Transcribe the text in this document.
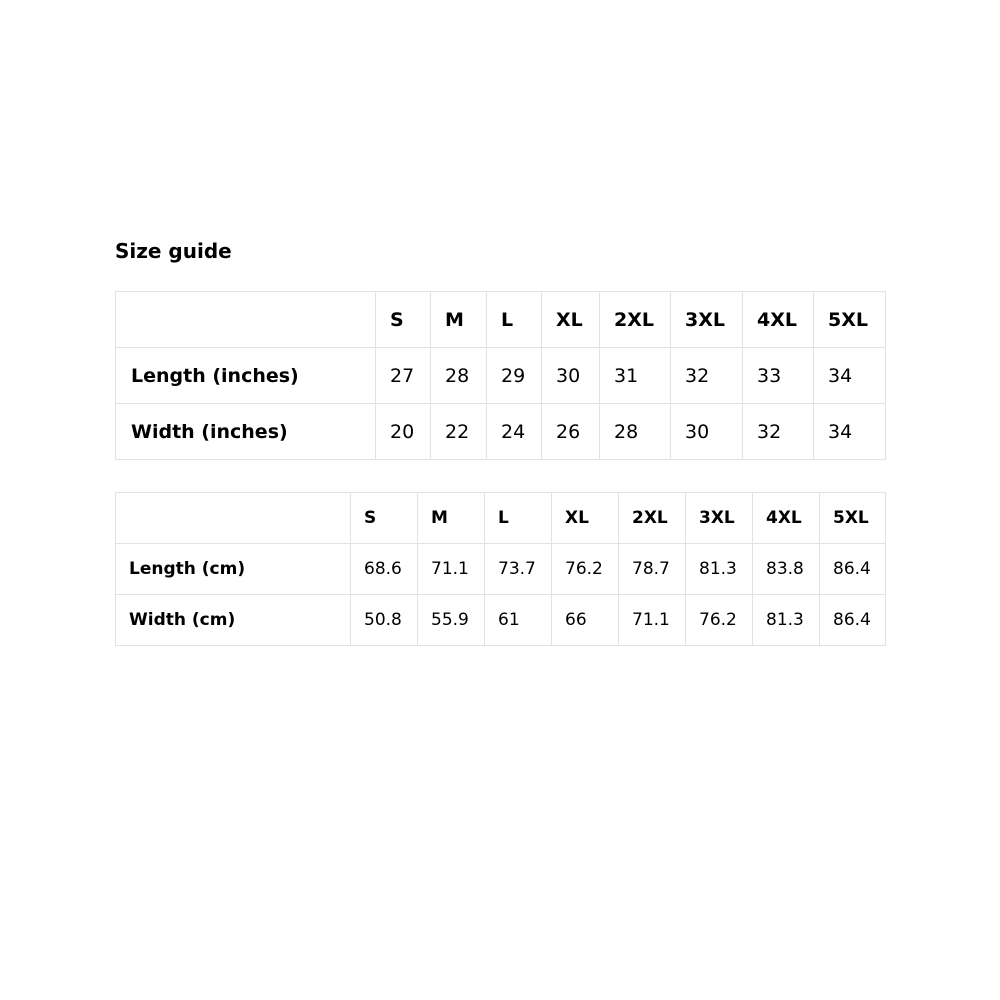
Size guide
	S	M	L	XL	2XL	3XL	4XL	5XL
Length (inches)	27	28	29	30	31	32	33	34
Width (inches)	20	22	24	26	28	30	32	34
	S	M	L	XL	2XL	3XL	4XL	5XL
Length (cm)	68.6	71.1	73.7	76.2	78.7	81.3	83.8	86.4
Width (cm)	50.8	55.9	61	66	71.1	76.2	81.3	86.4
